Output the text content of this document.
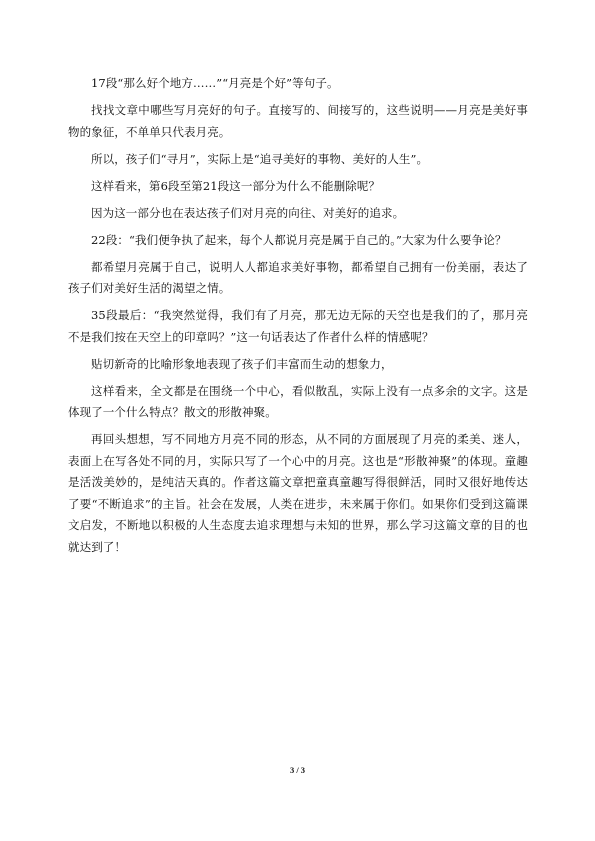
17段“那么好个地方……”“月亮是个好”等句子。

找找文章中哪些写月亮好的句子。直接写的、间接写的，这些说明——月亮是美好事物的象征，不单单只代表月亮。

所以，孩子们“寻月”，实际上是“追寻美好的事物、美好的人生”。

这样看来，第6段至第21段这一部分为什么不能删除呢？

因为这一部分也在表达孩子们对月亮的向往、对美好的追求。

22段：“我们便争执了起来，每个人都说月亮是属于自己的。”大家为什么要争论？

都希望月亮属于自己，说明人人都追求美好事物，都希望自己拥有一份美丽，表达了孩子们对美好生活的渴望之情。

35段最后：“我突然觉得，我们有了月亮，那无边无际的天空也是我们的了，那月亮不是我们按在天空上的印章吗？”这一句话表达了作者什么样的情感呢？

贴切新奇的比喻形象地表现了孩子们丰富而生动的想象力，

这样看来，全文都是在围绕一个中心，看似散乱，实际上没有一点多余的文字。这是体现了一个什么特点？散文的形散神聚。

再回头想想，写不同地方月亮不同的形态，从不同的方面展现了月亮的柔美、迷人，表面上在写各处不同的月，实际只写了一个心中的月亮。这也是“形散神聚”的体现。童趣是活泼美妙的，是纯洁天真的。作者这篇文章把童真童趣写得很鲜活，同时又很好地传达了要“不断追求”的主旨。社会在发展，人类在进步，未来属于你们。如果你们受到这篇课文启发，不断地以积极的人生态度去追求理想与未知的世界，那么学习这篇文章的目的也就达到了！

3 / 3
